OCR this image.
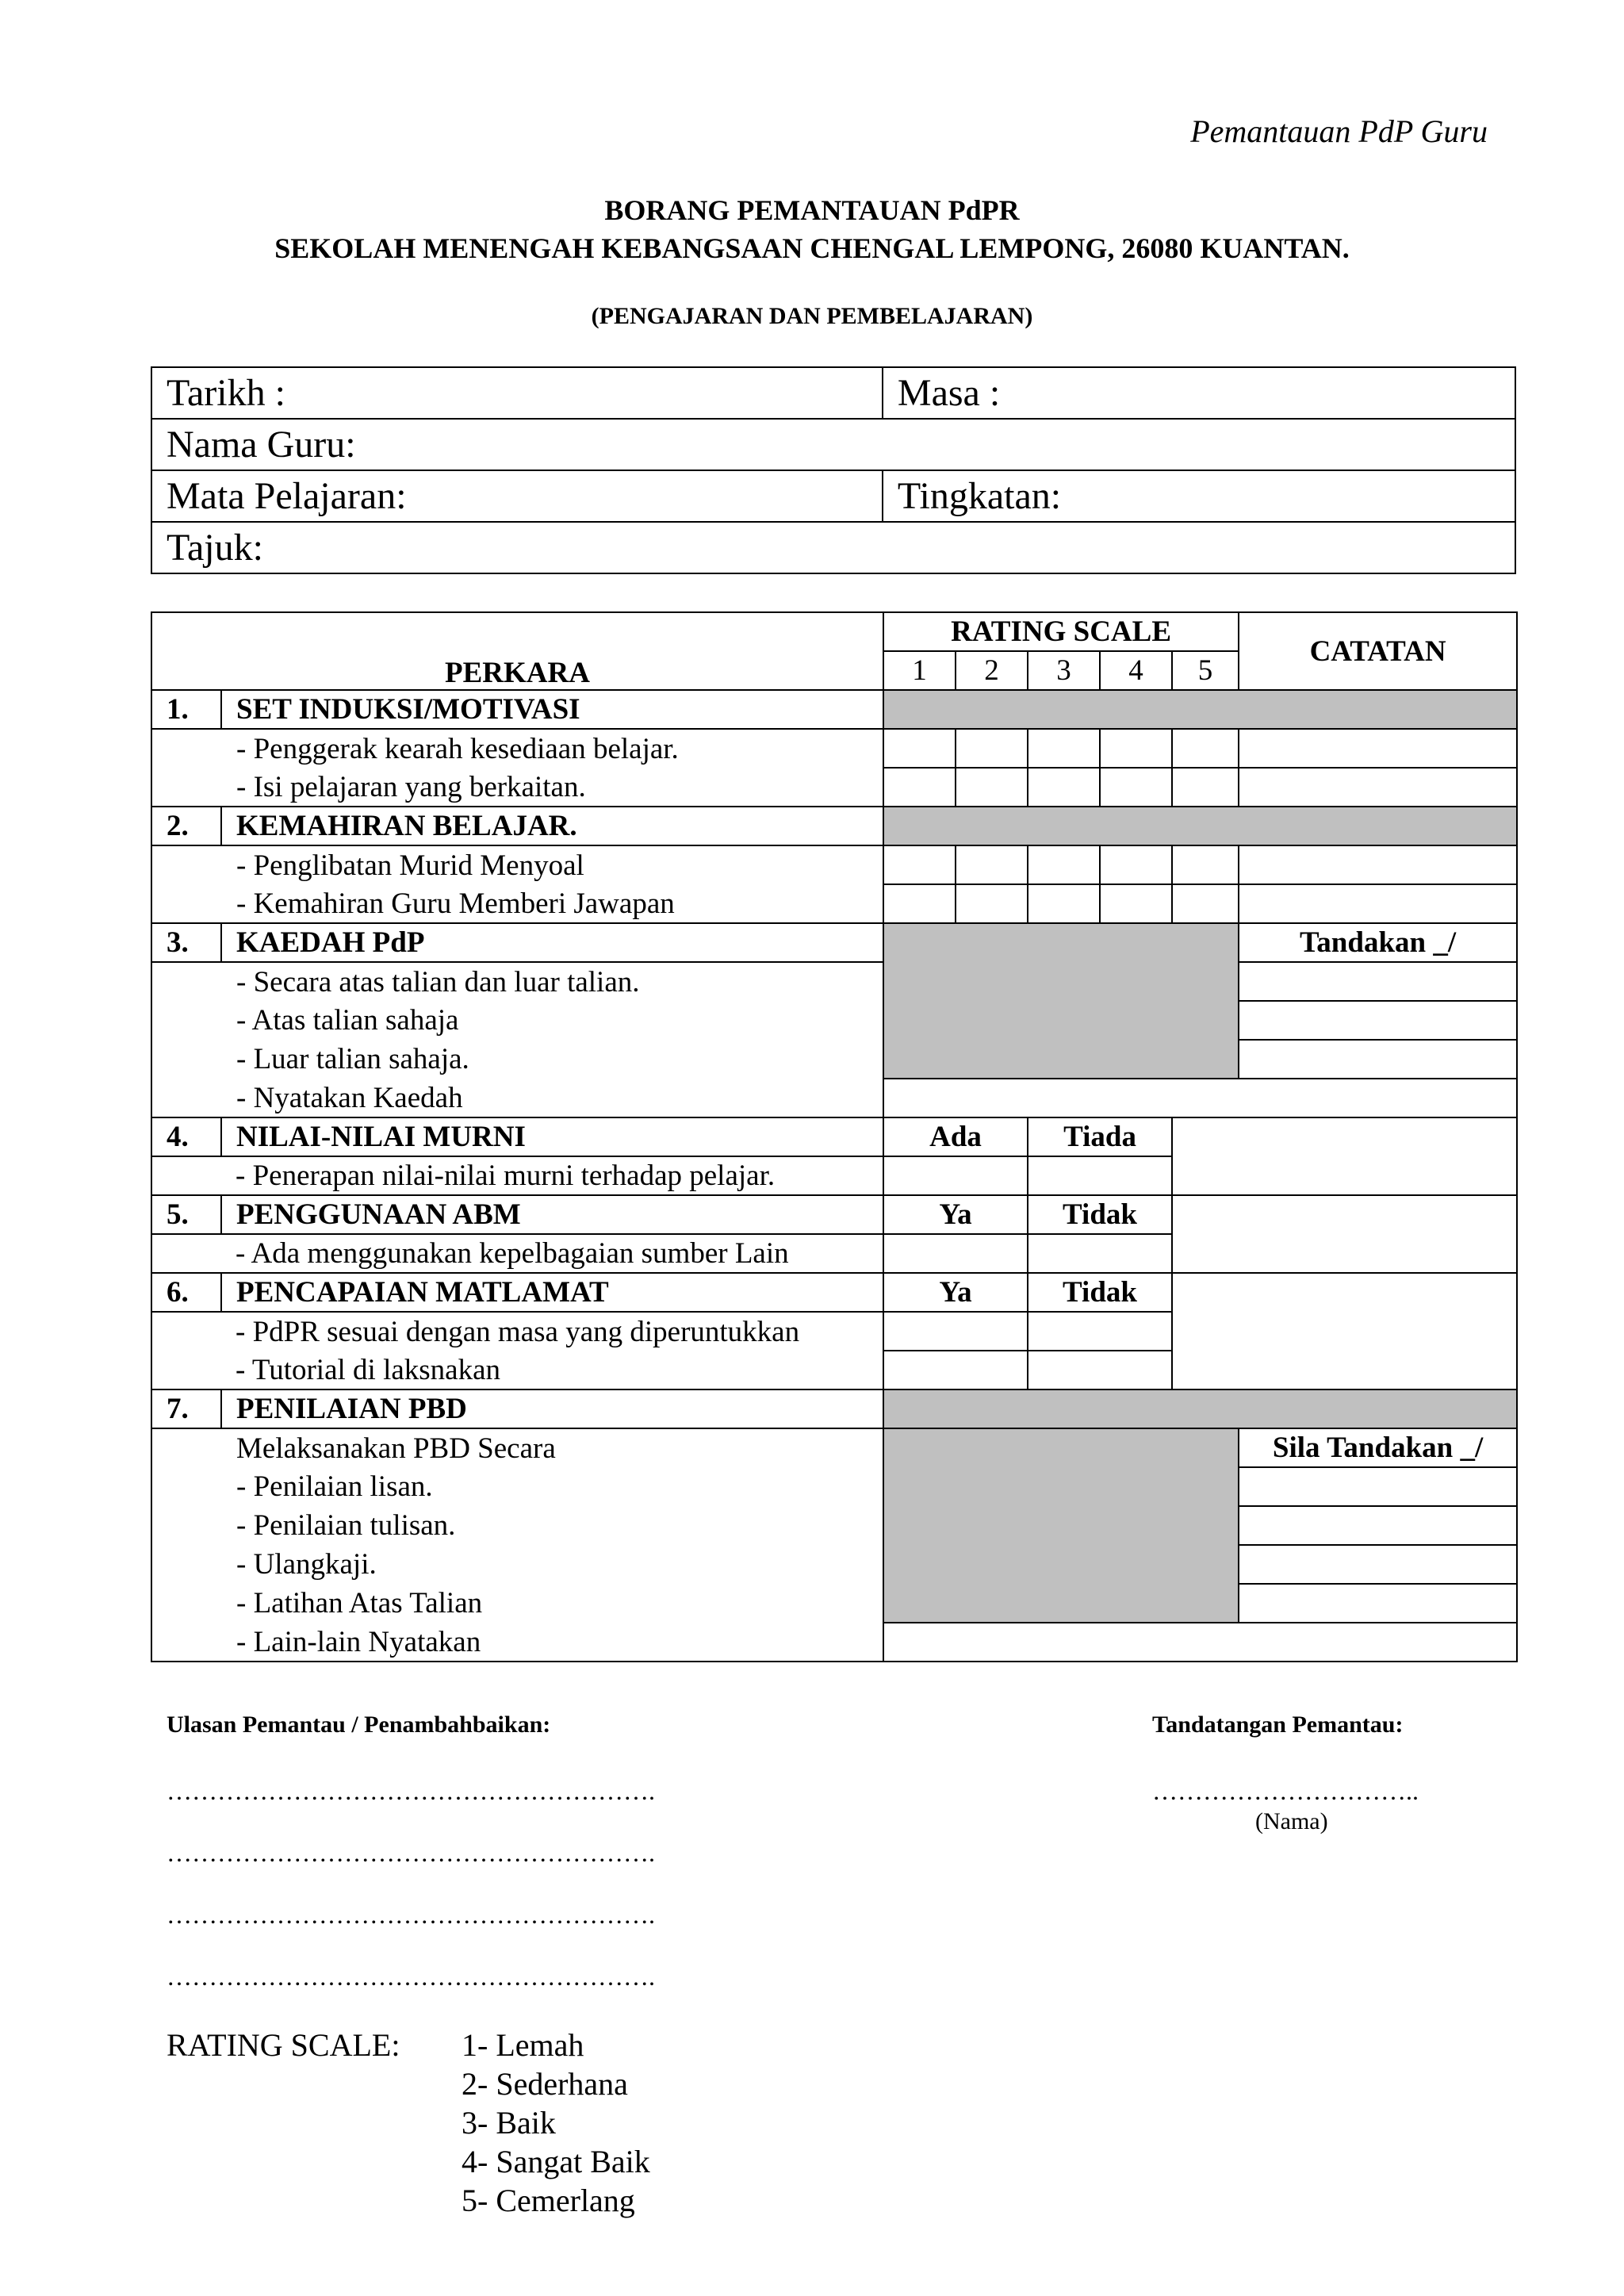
Pemantauan PdP Guru
BORANG PEMANTAUAN PdPR
SEKOLAH MENENGAH KEBANGSAAN CHENGAL LEMPONG, 26080 KUANTAN.
(PENGAJARAN DAN PEMBELAJARAN)
Tarikh :	Masa :
Nama Guru:	
Mata Pelajaran:	Tingkatan:
Tajuk:	
PERKARA		RATING SCALE					CATATAN
		1	2	3	4	5	
1.	SET INDUKSI/MOTIVASI						
- Penggerak kearah kesediaan belajar.							
- Isi pelajaran yang berkaitan.							
2.	KEMAHIRAN BELAJAR.						
- Penglibatan Murid Menyoal							
- Kemahiran Guru Memberi Jawapan							
3.	KAEDAH PdP						Tandakan _/
- Secara atas talian dan luar talian.							
- Atas talian sahaja							
- Luar talian sahaja.							
- Nyatakan Kaedah							
4.	NILAI-NILAI MURNI	Ada		Tiada			
	- Penerapan nilai-nilai murni terhadap pelajar.						
5.	PENGGUNAAN ABM	Ya		Tidak			
	- Ada menggunakan kepelbagaian sumber Lain						
6.	PENCAPAIAN MATLAMAT	Ya		Tidak			
	- PdPR sesuai dengan masa yang diperuntukkan						
	- Tutorial di laksnakan						
7.	PENILAIAN PBD						
Melaksanakan PBD Secara							Sila Tandakan _/
- Penilaian lisan.							
- Penilaian tulisan.							
- Ulangkaji.							
- Latihan Atas Talian							
- Lain-lain Nyatakan							
Ulasan Pemantau / Penambahbaikan:	Tandatangan Pemantau:
………………………………………………….
………………………………………………….
………………………………………………….
………………………………………………….
…………………………..
(Nama)
RATING SCALE: 1- Lemah
2- Sederhana
3- Baik
4- Sangat Baik
5- Cemerlang
